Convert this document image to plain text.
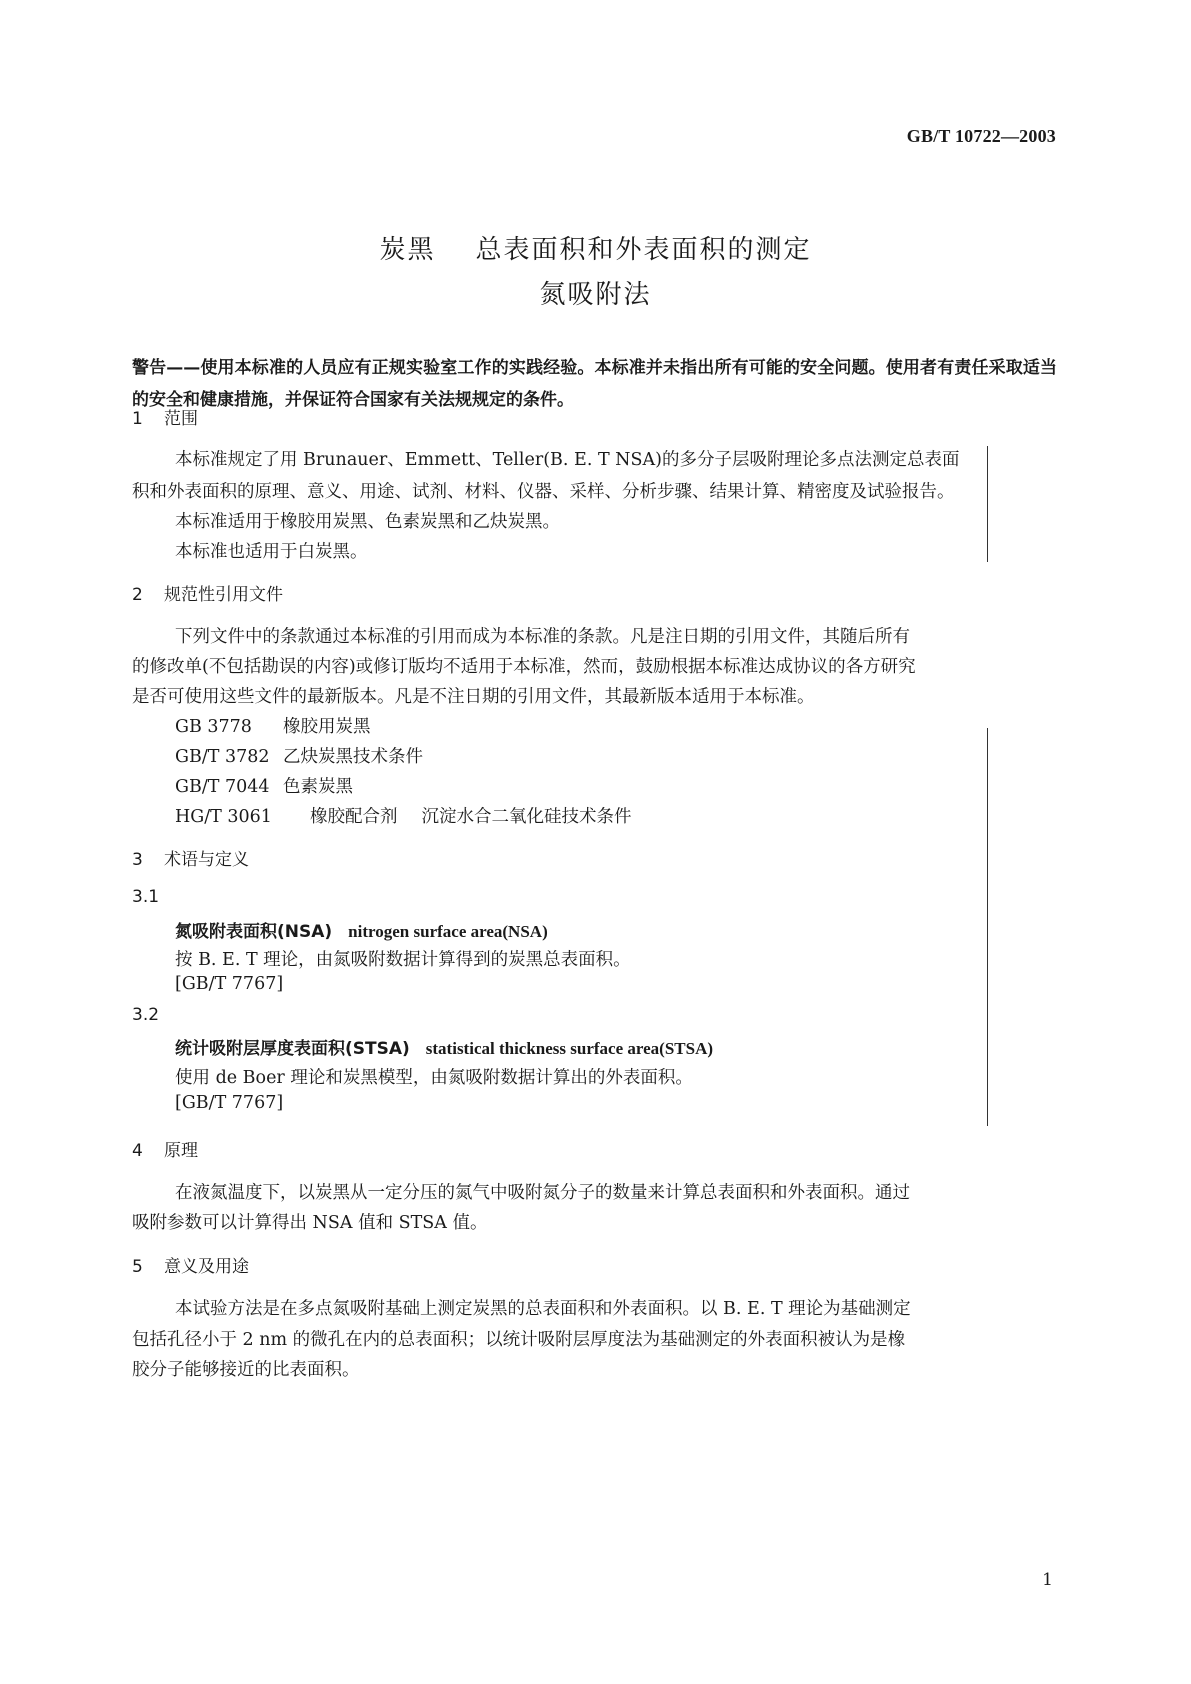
GB/T 10722—2003
炭黑 总表面积和外表面积的测定
氮吸附法

警告——使用本标准的人员应有正规实验室工作的实践经验。本标准并未指出所有可能的安全问题。使用者有责任采取适当的安全和健康措施，并保证符合国家有关法规规定的条件。

1 范围
本标准规定了用 Brunauer、Emmett、Teller(B. E. T NSA)的多分子层吸附理论多点法测定总表面
积和外表面积的原理、意义、用途、试剂、材料、仪器、采样、分析步骤、结果计算、精密度及试验报告。
本标准适用于橡胶用炭黑、色素炭黑和乙炔炭黑。
本标准也适用于白炭黑。
2 规范性引用文件
下列文件中的条款通过本标准的引用而成为本标准的条款。凡是注日期的引用文件，其随后所有
的修改单(不包括勘误的内容)或修订版均不适用于本标准，然而，鼓励根据本标准达成协议的各方研究
是否可使用这些文件的最新版本。凡是不注日期的引用文件，其最新版本适用于本标准。
GB 3778 橡胶用炭黑
GB/T 3782 乙炔炭黑技术条件
GB/T 7044 色素炭黑
HG/T 3061 橡胶配合剂 沉淀水合二氧化硅技术条件
3 术语与定义
3.1
氮吸附表面积(NSA) nitrogen surface area(NSA)
按 B. E. T 理论，由氮吸附数据计算得到的炭黑总表面积。
[GB/T 7767]
3.2
统计吸附层厚度表面积(STSA) statistical thickness surface area(STSA)
使用 de Boer 理论和炭黑模型，由氮吸附数据计算出的外表面积。
[GB/T 7767]
4 原理
在液氮温度下，以炭黑从一定分压的氮气中吸附氮分子的数量来计算总表面积和外表面积。通过
吸附参数可以计算得出 NSA 值和 STSA 值。
5 意义及用途
本试验方法是在多点氮吸附基础上测定炭黑的总表面积和外表面积。以 B. E. T 理论为基础测定
包括孔径小于 2 nm 的微孔在内的总表面积；以统计吸附层厚度法为基础测定的外表面积被认为是橡
胶分子能够接近的比表面积。
1
